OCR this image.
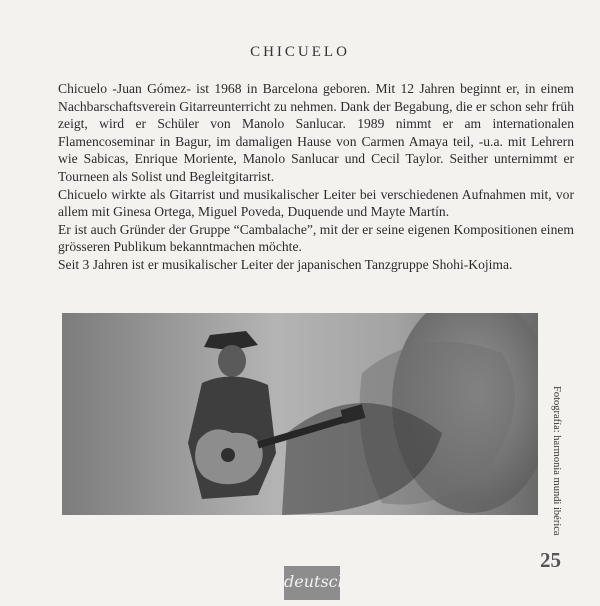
CHICUELO

Chicuelo -Juan Gómez- ist 1968 in Barcelona geboren. Mit 12 Jahren beginnt er, in einem Nachbarschaftsverein Gitarreunterricht zu nehmen. Dank der Begabung, die er schon sehr früh zeigt, wird er Schüler von Manolo Sanlucar. 1989 nimmt er am internationalen Flamencoseminar in Bagur, im damaligen Hause von Carmen Amaya teil, -u.a. mit Lehrern wie Sabicas, Enrique Moriente, Manolo Sanlucar und Cecil Taylor. Seither unternimmt er Tourneen als Solist und Begleitgitarrist.

Chicuelo wirkte als Gitarrist und musikalischer Leiter bei verschiedenen Aufnahmen mit, vor allem mit Ginesa Ortega, Miguel Poveda, Duquende und Mayte Martín.

Er ist auch Gründer der Gruppe “Cambalache”, mit der er seine eigenen Kompositionen einem grösseren Publikum bekanntmachen möchte.

Seit 3 Jahren ist er musikalischer Leiter der japanischen Tanzgruppe Shohi-Kojima.

Fotografía: harmonia mundi ibérica
25
deutsch
